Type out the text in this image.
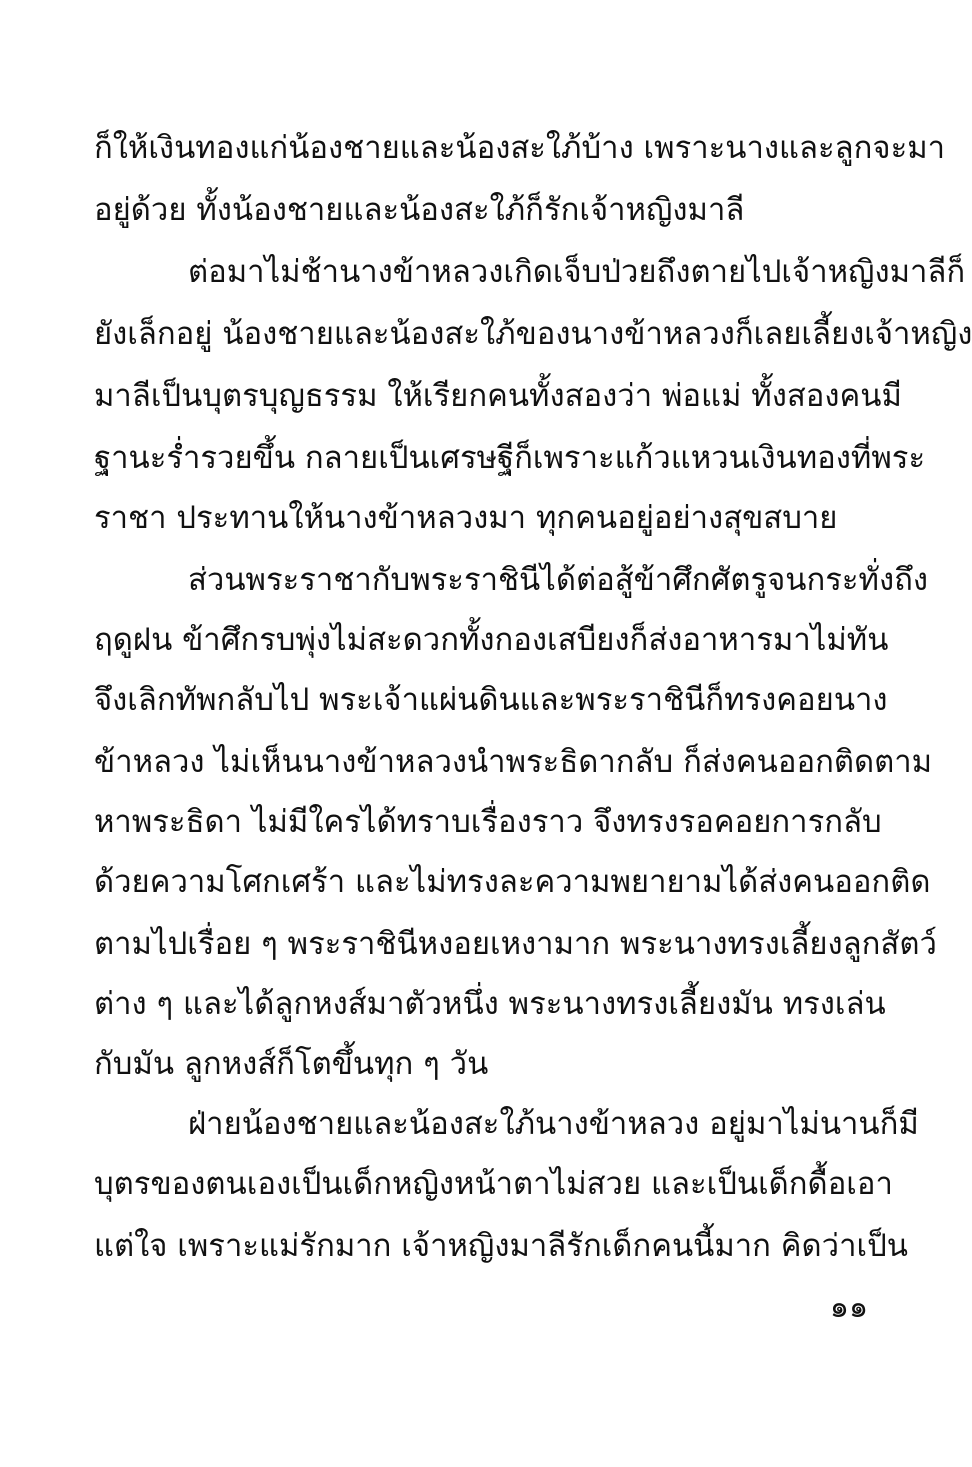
ก็ให้เงินทองแก่น้องชายและน้องสะใภ้บ้าง เพราะนางและลูกจะมา
อยู่ด้วย ทั้งน้องชายและน้องสะใภ้ก็รักเจ้าหญิงมาลี
ต่อมาไม่ช้านางข้าหลวงเกิดเจ็บป่วยถึงตายไปเจ้าหญิงมาลีก็
ยังเล็กอยู่ น้องชายและน้องสะใภ้ของนางข้าหลวงก็เลยเลี้ยงเจ้าหญิง
มาลีเป็นบุตรบุญธรรม ให้เรียกคนทั้งสองว่า พ่อแม่ ทั้งสองคนมี
ฐานะร่ำรวยขึ้น กลายเป็นเศรษฐีก็เพราะแก้วแหวนเงินทองที่พระ
ราชา ประทานให้นางข้าหลวงมา ทุกคนอยู่อย่างสุขสบาย
ส่วนพระราชากับพระราชินีได้ต่อสู้ข้าศึกศัตรูจนกระทั่งถึง
ฤดูฝน ข้าศึกรบพุ่งไม่สะดวกทั้งกองเสบียงก็ส่งอาหารมาไม่ทัน
จึงเลิกทัพกลับไป พระเจ้าแผ่นดินและพระราชินีก็ทรงคอยนาง
ข้าหลวง ไม่เห็นนางข้าหลวงนำพระธิดากลับ ก็ส่งคนออกติดตาม
หาพระธิดา ไม่มีใครได้ทราบเรื่องราว จึงทรงรอคอยการกลับ
ด้วยความโศกเศร้า และไม่ทรงละความพยายามได้ส่งคนออกติด
ตามไปเรื่อย ๆ พระราชินีหงอยเหงามาก พระนางทรงเลี้ยงลูกสัตว์
ต่าง ๆ และได้ลูกหงส์มาตัวหนึ่ง พระนางทรงเลี้ยงมัน ทรงเล่น
กับมัน ลูกหงส์ก็โตขึ้นทุก ๆ วัน
ฝ่ายน้องชายและน้องสะใภ้นางข้าหลวง อยู่มาไม่นานก็มี
บุตรของตนเองเป็นเด็กหญิงหน้าตาไม่สวย และเป็นเด็กดื้อเอา
แต่ใจ เพราะแม่รักมาก เจ้าหญิงมาลีรักเด็กคนนี้มาก คิดว่าเป็น
๑๑
